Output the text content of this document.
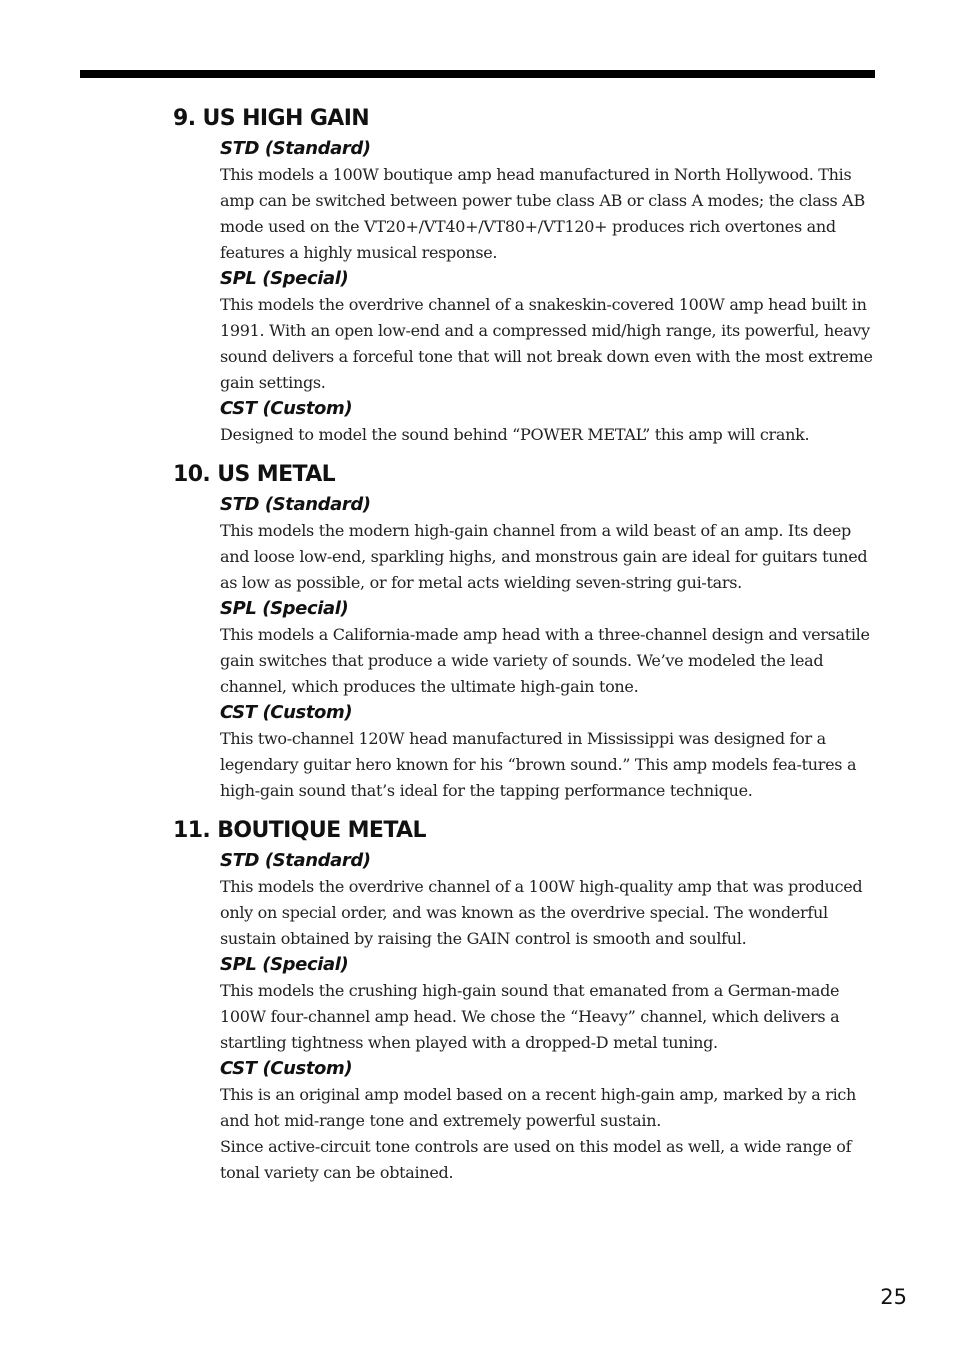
9. US HIGH GAIN
STD (Standard)

This models a 100W boutique amp head manufactured in North Hollywood. This amp can be switched between power tube class AB or class A modes; the class AB mode used on the VT20+/VT40+/VT80+/VT120+ produces rich overtones and features a highly musical response.

SPL (Special)

This models the overdrive channel of a snakeskin-covered 100W amp head built in 1991. With an open low-end and a compressed mid/high range, its powerful, heavy sound delivers a forceful tone that will not break down even with the most extreme gain settings.

CST (Custom)

Designed to model the sound behind “POWER METAL” this amp will crank.

10. US METAL
STD (Standard)

This models the modern high-gain channel from a wild beast of an amp. Its deep and loose low-end, sparkling highs, and monstrous gain are ideal for guitars tuned as low as possible, or for metal acts wielding seven-string gui-tars.

SPL (Special)

This models a California-made amp head with a three-channel design and versatile gain switches that produce a wide variety of sounds. We’ve modeled the lead channel, which produces the ultimate high-gain tone.

CST (Custom)

This two-channel 120W head manufactured in Mississippi was designed for a legendary guitar hero known for his “brown sound.” This amp models fea-tures a high-gain sound that’s ideal for the tapping performance technique.

11. BOUTIQUE METAL
STD (Standard)

This models the overdrive channel of a 100W high-quality amp that was produced only on special order, and was known as the overdrive special. The wonderful sustain obtained by raising the GAIN control is smooth and soulful.

SPL (Special)

This models the crushing high-gain sound that emanated from a German-made 100W four-channel amp head. We chose the “Heavy” channel, which delivers a startling tightness when played with a dropped-D metal tuning.

CST (Custom)

This is an original amp model based on a recent high-gain amp, marked by a rich and hot mid-range tone and extremely powerful sustain.

Since active-circuit tone controls are used on this model as well, a wide range of tonal variety can be obtained.

25
